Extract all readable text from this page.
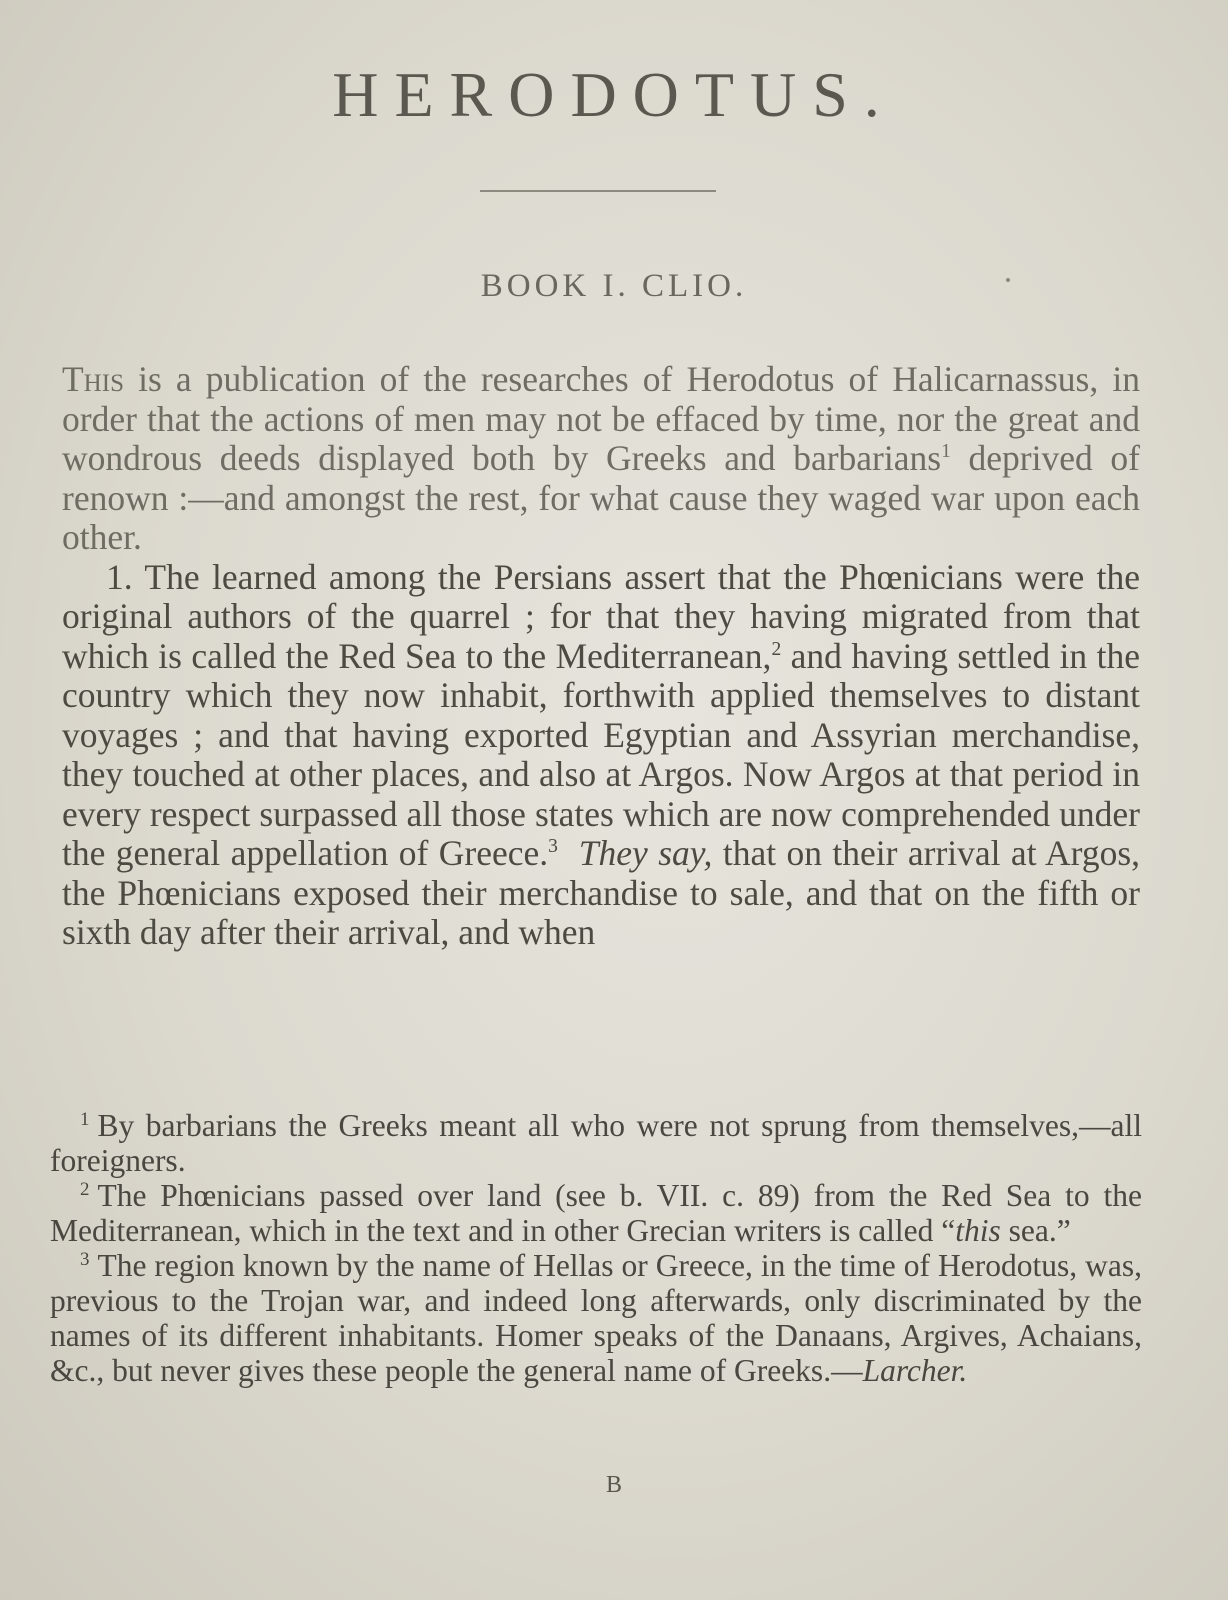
HERODOTUS.
BOOK I. CLIO.

This is a publication of the researches of Herodotus of Halicarnassus, in order that the actions of men may not be effaced by time, nor the great and wondrous deeds displayed both by Greeks and barbarians$^1$ deprived of renown :—and amongst the rest, for what cause they waged war upon each other.

1. The learned among the Persians assert that the Phœnicians were the original authors of the quarrel ; for that they having migrated from that which is called the Red Sea to the Mediterranean,$^2$ and having settled in the country which they now inhabit, forthwith applied themselves to distant voyages ; and that having exported Egyptian and Assyrian merchandise, they touched at other places, and also at Argos. Now Argos at that period in every respect surpassed all those states which are now comprehended under the general appellation of Greece.$^3$ They say, that on their arrival at Argos, the Phœnicians exposed their merchandise to sale, and that on the fifth or sixth day after their arrival, and when

$^1$ By barbarians the Greeks meant all who were not sprung from themselves,—all foreigners.

$^2$ The Phœnicians passed over land (see b. VII. c. 89) from the Red Sea to the Mediterranean, which in the text and in other Grecian writers is called “this sea.”

$^3$ The region known by the name of Hellas or Greece, in the time of Herodotus, was, previous to the Trojan war, and indeed long afterwards, only discriminated by the names of its different inhabitants. Homer speaks of the Danaans, Argives, Achaians, &c., but never gives these people the general name of Greeks.—Larcher.

B
